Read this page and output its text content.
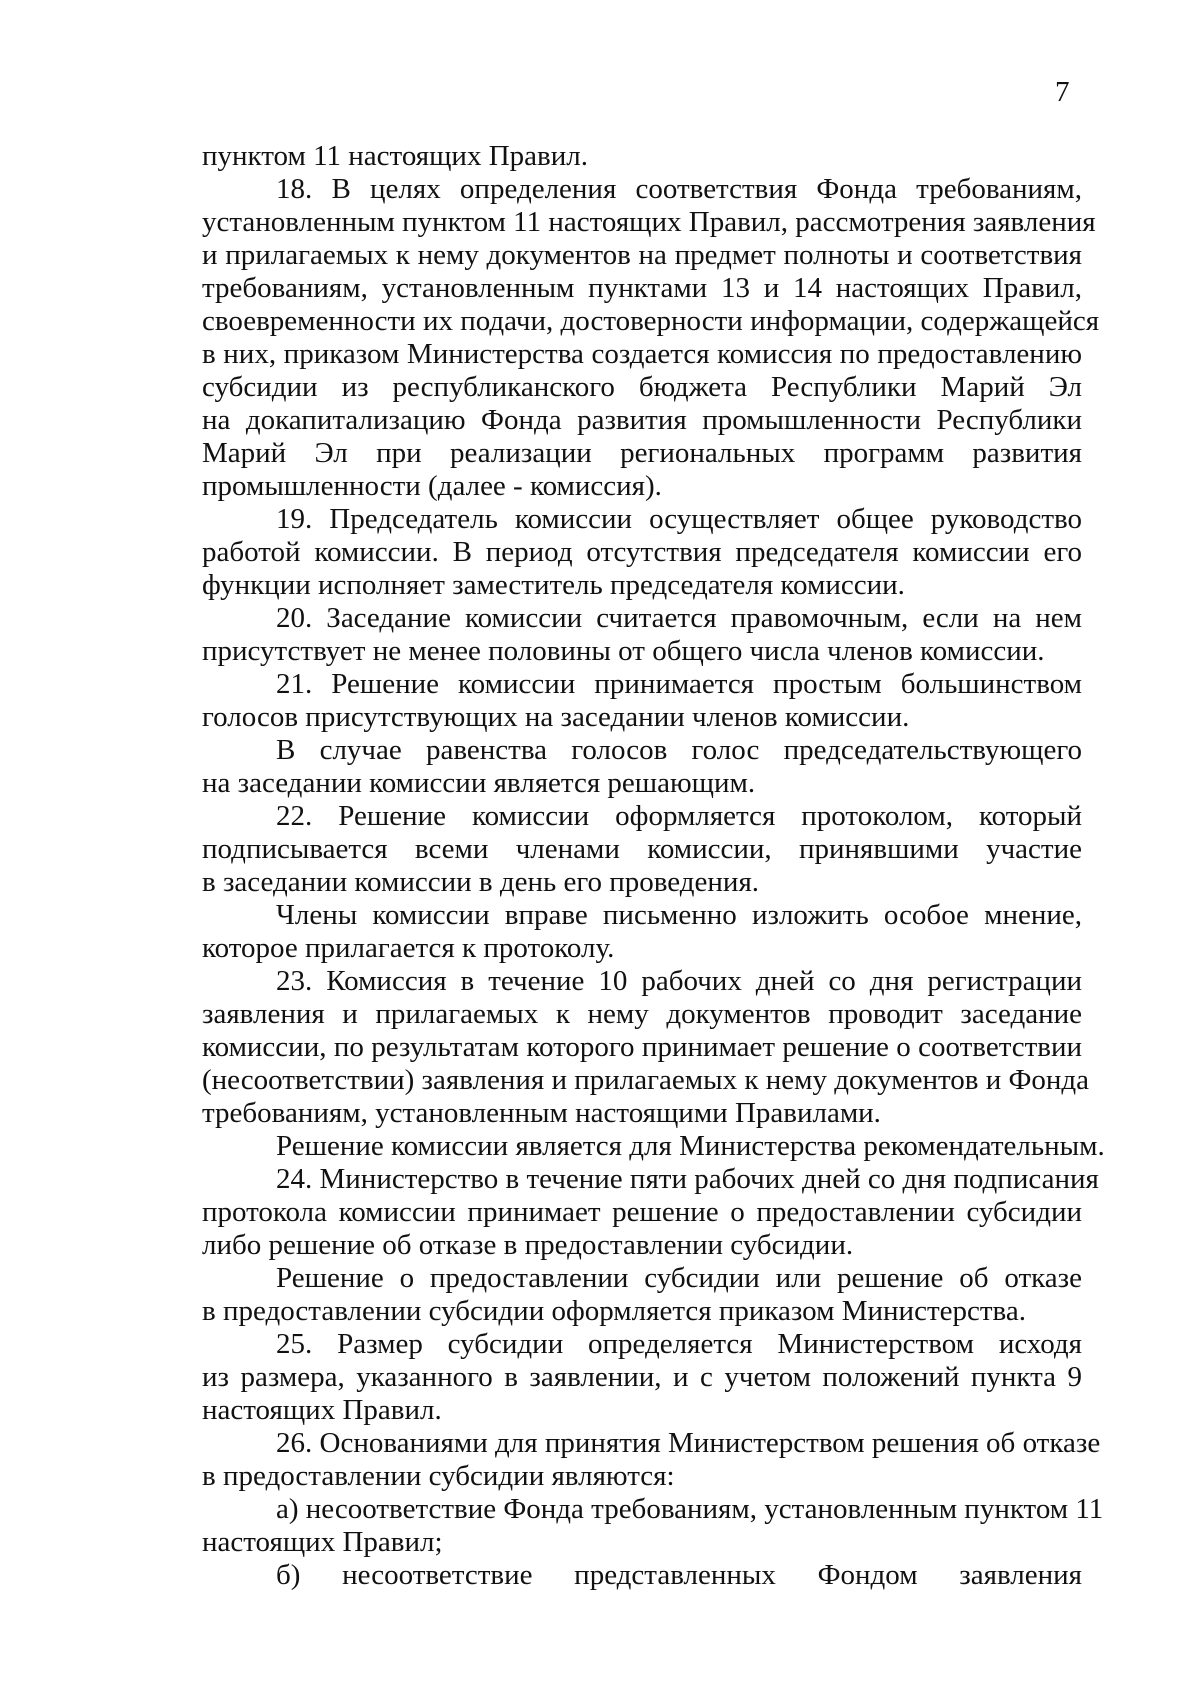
7
пунктом 11 настоящих Правил.
18. В целях определения соответствия Фонда требованиям,
установленным пунктом 11 настоящих Правил, рассмотрения заявления
и прилагаемых к нему документов на предмет полноты и соответствия
требованиям, установленным пунктами 13 и 14 настоящих Правил,
своевременности их подачи, достоверности информации, содержащейся
в них, приказом Министерства создается комиссия по предоставлению
субсидии из республиканского бюджета Республики Марий Эл
на докапитализацию Фонда развития промышленности Республики
Марий Эл при реализации региональных программ развития
промышленности (далее - комиссия).
19. Председатель комиссии осуществляет общее руководство
работой комиссии. В период отсутствия председателя комиссии его
функции исполняет заместитель председателя комиссии.
20. Заседание комиссии считается правомочным, если на нем
присутствует не менее половины от общего числа членов комиссии.
21. Решение комиссии принимается простым большинством
голосов присутствующих на заседании членов комиссии.
В случае равенства голосов голос председательствующего
на заседании комиссии является решающим.
22. Решение комиссии оформляется протоколом, который
подписывается всеми членами комиссии, принявшими участие
в заседании комиссии в день его проведения.
Члены комиссии вправе письменно изложить особое мнение,
которое прилагается к протоколу.
23. Комиссия в течение 10 рабочих дней со дня регистрации
заявления и прилагаемых к нему документов проводит заседание
комиссии, по результатам которого принимает решение о соответствии
(несоответствии) заявления и прилагаемых к нему документов и Фонда
требованиям, установленным настоящими Правилами.
Решение комиссии является для Министерства рекомендательным.
24. Министерство в течение пяти рабочих дней со дня подписания
протокола комиссии принимает решение о предоставлении субсидии
либо решение об отказе в предоставлении субсидии.
Решение о предоставлении субсидии или решение об отказе
в предоставлении субсидии оформляется приказом Министерства.
25. Размер субсидии определяется Министерством исходя
из размера, указанного в заявлении, и с учетом положений пункта 9
настоящих Правил.
26. Основаниями для принятия Министерством решения об отказе
в предоставлении субсидии являются:
а) несоответствие Фонда требованиям, установленным пунктом 11
настоящих Правил;
б) несоответствие представленных Фондом заявления
